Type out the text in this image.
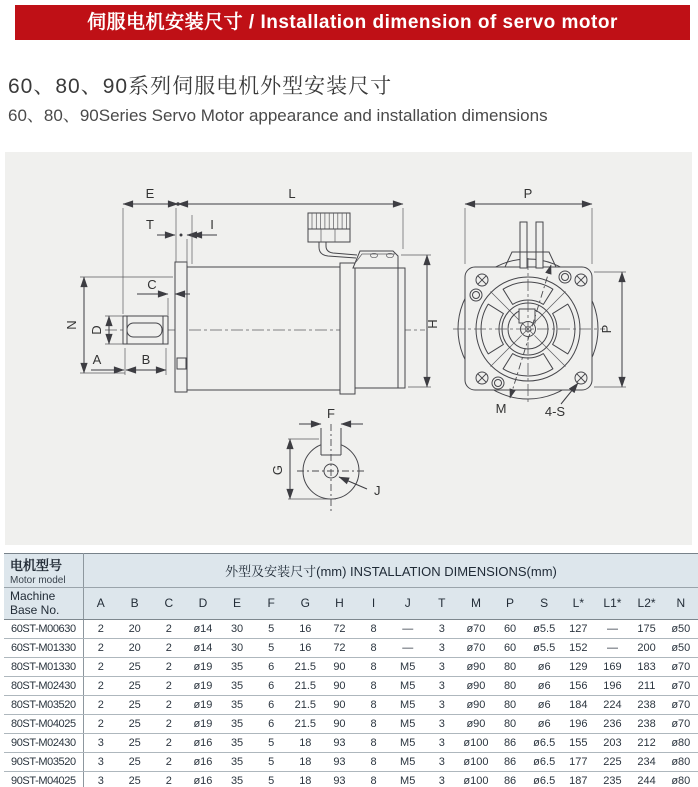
伺服电机安装尺寸 / Installation dimension of servo motor
60、80、90系列伺服电机外型安装尺寸
60、80、90Series Servo Motor appearance and installation dimensions
E	L
T	I
C
N
D
A	B
H
P
P
M	4-S
F
G
J
电机型号
Motor model	外型及安装尺寸(mm) INSTALLATION DIMENSIONS(mm)																	

Machine
Base No.	A	B	C	D	E	F	G	H	I	J	T	M	P	S	L*	L1*	L2*	N
60ST-M00630	2	20	2	ø14	30	5	16	72	8	—	3	ø70	60	ø5.5	127	—	175	ø50
60ST-M01330	2	20	2	ø14	30	5	16	72	8	—	3	ø70	60	ø5.5	152	—	200	ø50
80ST-M01330	2	25	2	ø19	35	6	21.5	90	8	M5	3	ø90	80	ø6	129	169	183	ø70
80ST-M02430	2	25	2	ø19	35	6	21.5	90	8	M5	3	ø90	80	ø6	156	196	211	ø70
80ST-M03520	2	25	2	ø19	35	6	21.5	90	8	M5	3	ø90	80	ø6	184	224	238	ø70
80ST-M04025	2	25	2	ø19	35	6	21.5	90	8	M5	3	ø90	80	ø6	196	236	238	ø70
90ST-M02430	3	25	2	ø16	35	5	18	93	8	M5	3	ø100	86	ø6.5	155	203	212	ø80
90ST-M03520	3	25	2	ø16	35	5	18	93	8	M5	3	ø100	86	ø6.5	177	225	234	ø80
90ST-M04025	3	25	2	ø16	35	5	18	93	8	M5	3	ø100	86	ø6.5	187	235	244	ø80
